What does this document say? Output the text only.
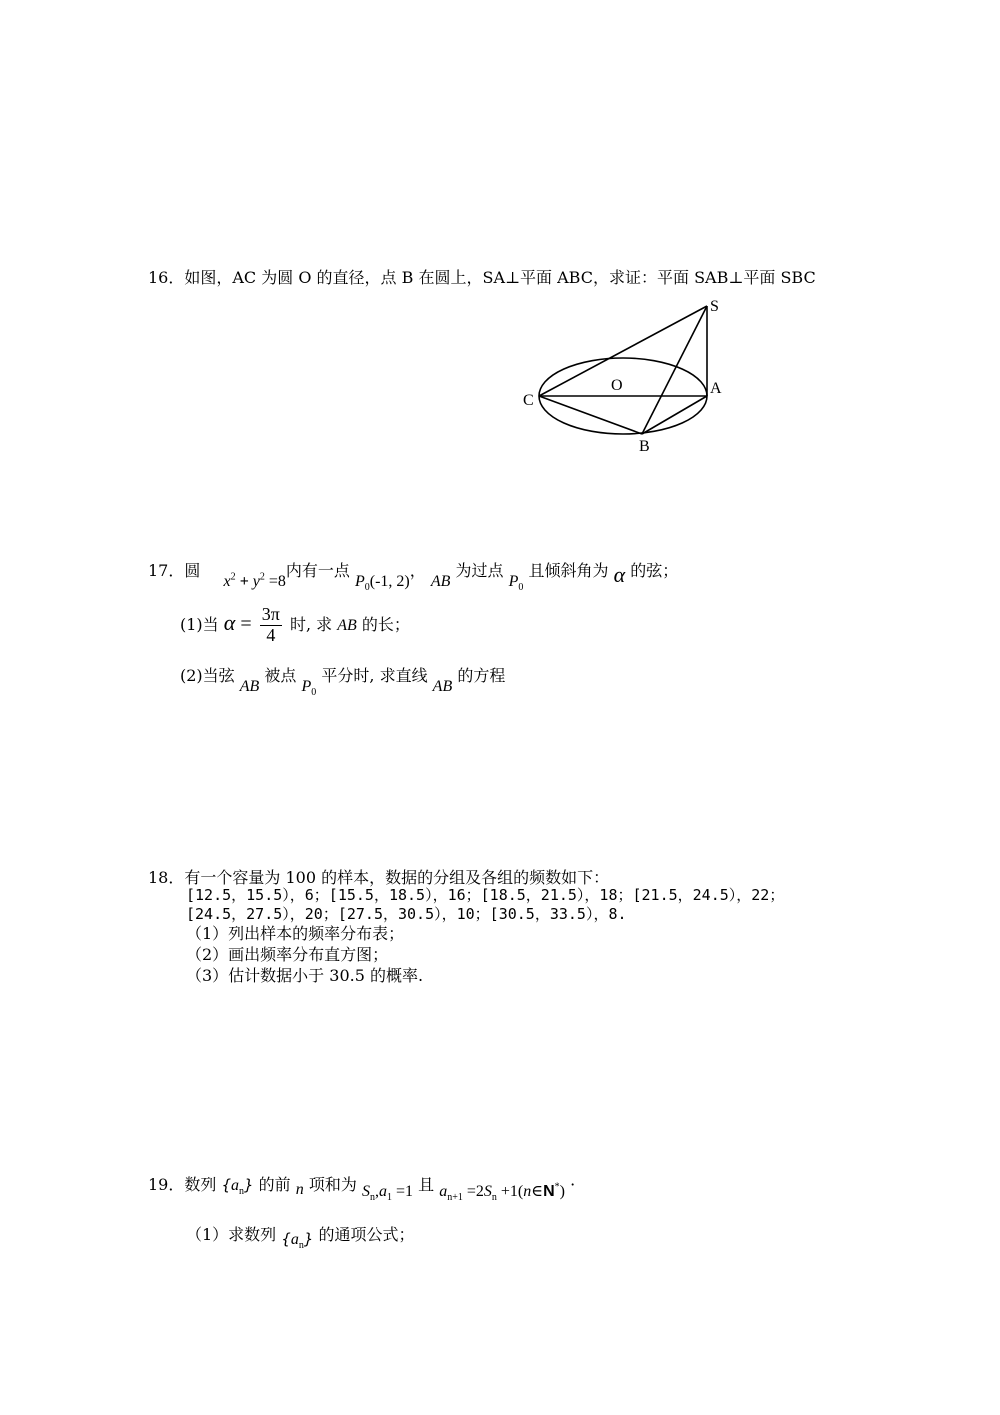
16．如图，AC 为圆 O 的直径，点 B 在圆上，SA⊥平面 ABC，求证：平面 SAB⊥平面 SBC
S
O	A
C
B
17．圆 $x^2 + y^2 =8$内有一点 $P_0(-1$, 2)， AB 为过点 $P_0$ 且倾斜角为 α 的弦；
(1)当 $\alpha = \frac{3\pi}{4}$ 时, 求 AB 的长；
(2)当弦 AB 被点 $P_0$ 平分时, 求直线 AB 的方程
18．有一个容量为 100 的样本，数据的分组及各组的频数如下：
[12.5，15.5），6；[15.5，18.5），16；[18.5，21.5），18；[21.5，24.5），22；
[24.5，27.5），20；[27.5，30.5），10；[30.5，33.5），8.
（1）列出样本的频率分布表；
（2）画出频率分布直方图；
（3）估计数据小于 30.5 的概率.
19．数列 $\{a_n\}$ 的前 n 项和为 $S_n,a_1 =1$ 且 $a_{n+1} =2S_n$ +1(n∈N*) ·
（1）求数列 $\{a_n\}$ 的通项公式；
